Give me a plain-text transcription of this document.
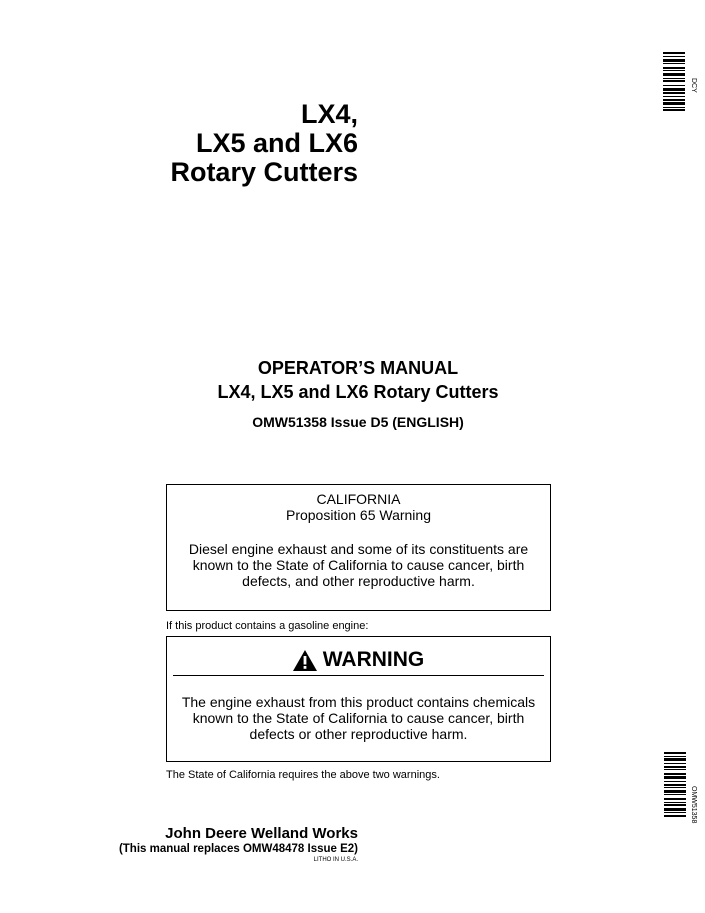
LX4,
LX5 and LX6
Rotary Cutters
OPERATOR’S MANUAL
LX4, LX5 and LX6 Rotary Cutters
OMW51358 Issue D5 (ENGLISH)
CALIFORNIA
Proposition 65 Warning
Diesel engine exhaust and some of its constituents are known to the State of California to cause cancer, birth defects, and other reproductive harm.
If this product contains a gasoline engine:
WARNING
The engine exhaust from this product contains chemicals known to the State of California to cause cancer, birth defects or other reproductive harm.
The State of California requires the above two warnings.
John Deere Welland Works
(This manual replaces OMW48478 Issue E2)
LITHO IN U.S.A.
DCY
OMW51358
